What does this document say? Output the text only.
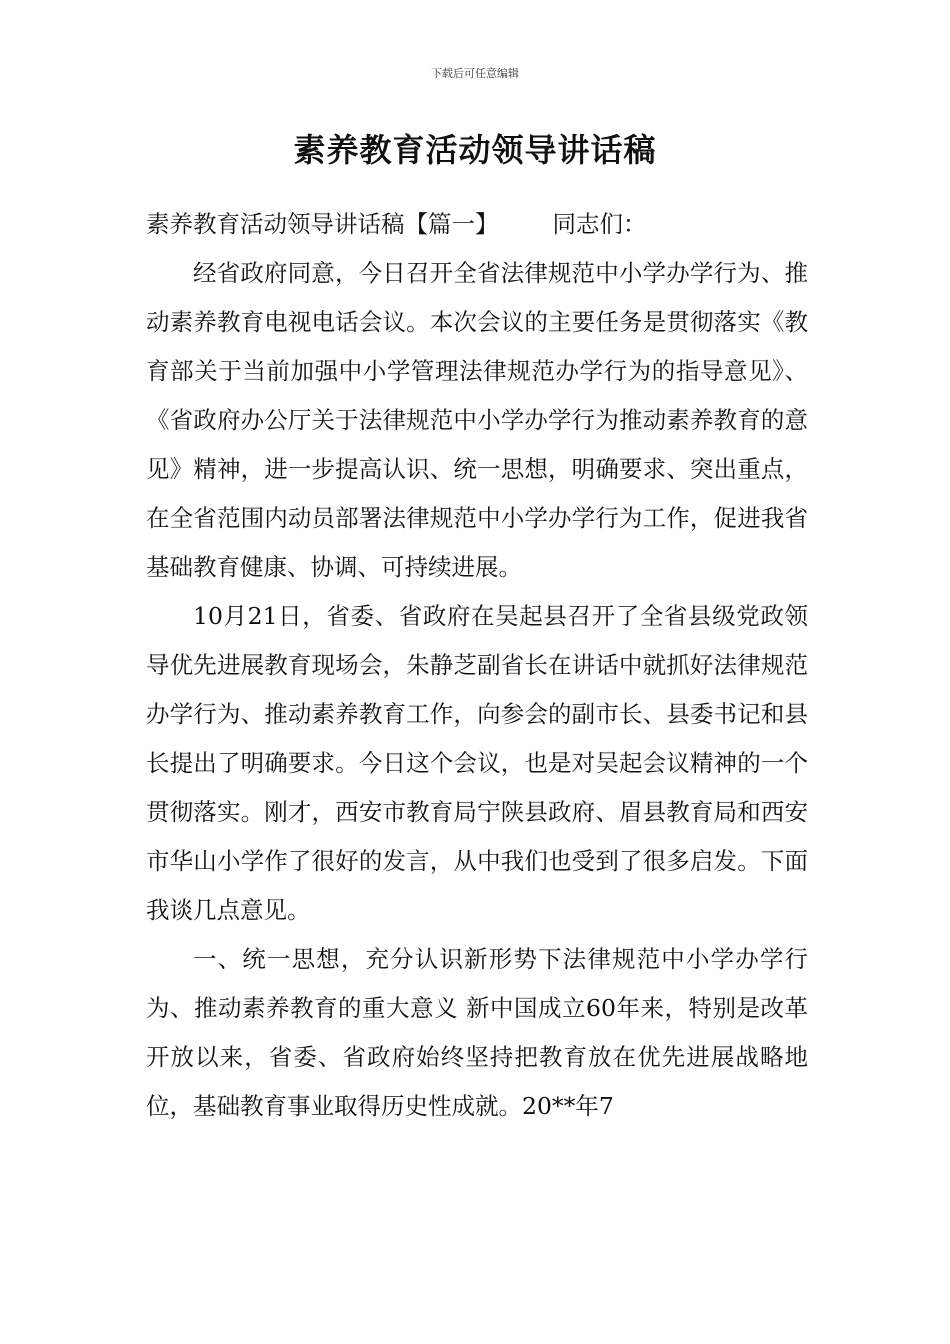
下载后可任意编辑
素养教育活动领导讲话稿

素养教育活动领导讲话稿【篇一】 同志们：

经省政府同意，今日召开全省法律规范中小学办学行为、推动素养教育电视电话会议。本次会议的主要任务是贯彻落实《教育部关于当前加强中小学管理法律规范办学行为的指导意见》、《省政府办公厅关于法律规范中小学办学行为推动素养教育的意见》精神，进一步提高认识、统一思想，明确要求、突出重点，在全省范围内动员部署法律规范中小学办学行为工作，促进我省基础教育健康、协调、可持续进展。

10月21日，省委、省政府在吴起县召开了全省县级党政领导优先进展教育现场会，朱静芝副省长在讲话中就抓好法律规范办学行为、推动素养教育工作，向参会的副市长、县委书记和县长提出了明确要求。今日这个会议，也是对吴起会议精神的一个贯彻落实。刚才，西安市教育局宁陕县政府、眉县教育局和西安市华山小学作了很好的发言，从中我们也受到了很多启发。下面我谈几点意见。

一、统一思想，充分认识新形势下法律规范中小学办学行为、推动素养教育的重大意义 新中国成立60年来，特别是改革开放以来，省委、省政府始终坚持把教育放在优先进展战略地位，基础教育事业取得历史性成就。20**年7
